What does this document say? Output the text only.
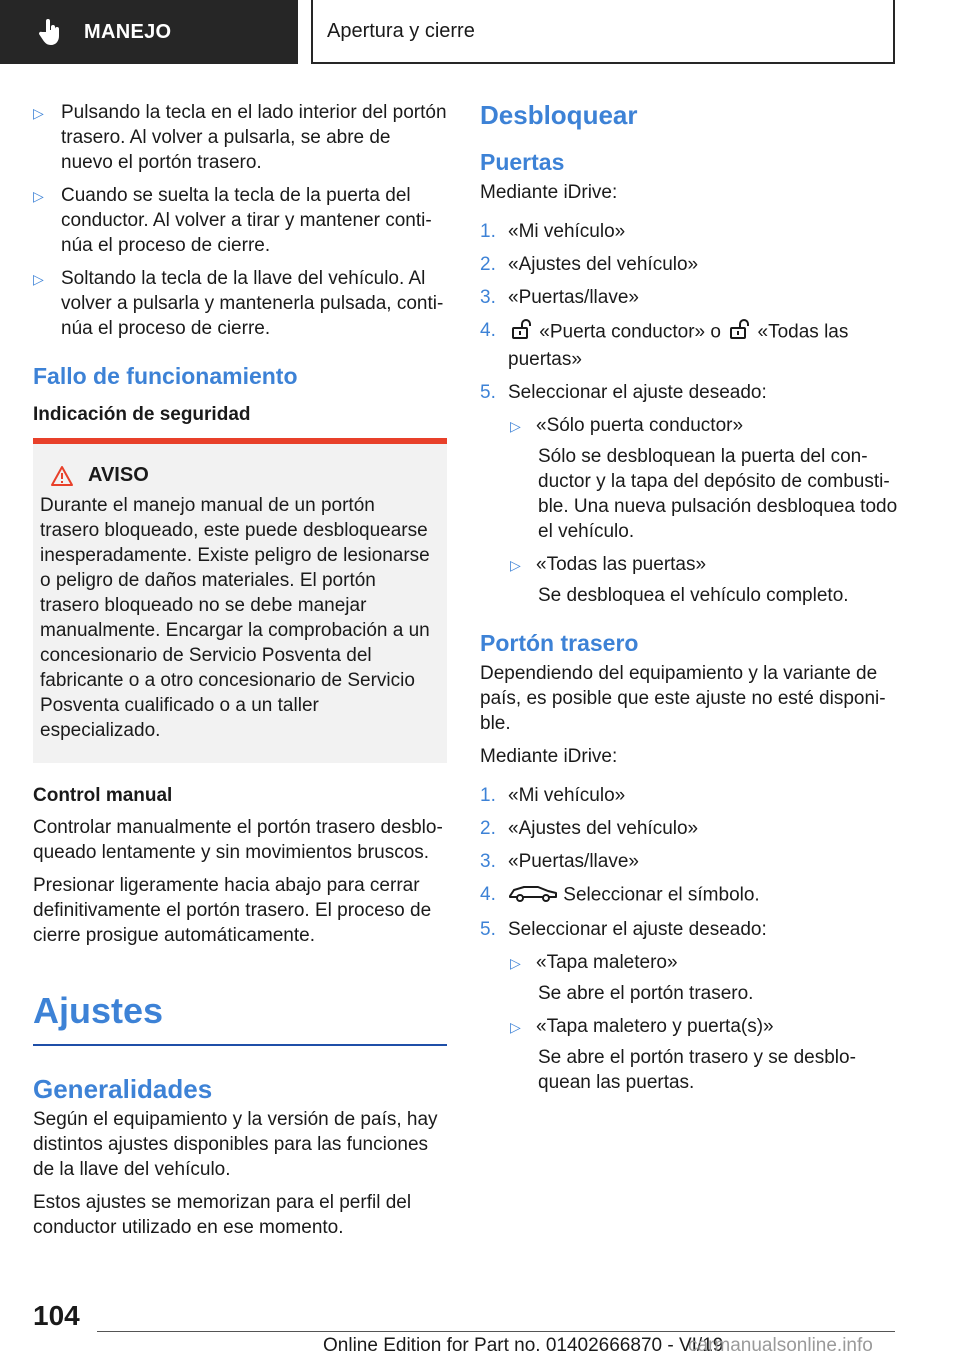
MANEJO	Apertura y cierre
▷ Pulsando la tecla en el lado interior del portón trasero. Al volver a pulsarla, se abre de nuevo el portón trasero.
▷ Cuando se suelta la tecla de la puerta del conductor. Al volver a tirar y mantener continúa el proceso de cierre.
▷ Soltando la tecla de la llave del vehículo. Al volver a pulsarla y mantenerla pulsada, continúa el proceso de cierre.
Fallo de funcionamiento
Indicación de seguridad
AVISO

Durante el manejo manual de un portón trasero bloqueado, este puede desbloquearse inesperadamente. Existe peligro de lesionarse o peligro de daños materiales. El portón trasero bloqueado no se debe manejar manualmente. Encargar la comprobación a un concesionario de Servicio Posventa del fabricante o a otro concesionario de Servicio Posventa cualificado o a un taller especializado.

Control manual

Controlar manualmente el portón trasero desbloqueado lentamente y sin movimientos bruscos.

Presionar ligeramente hacia abajo para cerrar definitivamente el portón trasero. El proceso de cierre prosigue automáticamente.

Ajustes
Generalidades

Según el equipamiento y la versión de país, hay distintos ajustes disponibles para las funciones de la llave del vehículo.

Estos ajustes se memorizan para el perfil del conductor utilizado en ese momento.

Desbloquear
Puertas

Mediante iDrive:

1. «Mi vehículo»
2. «Ajustes del vehículo»
3. «Puertas/llave»
4. «Puerta conductor» o «Todas las puertas»
5. Seleccionar el ajuste deseado:
▷ «Sólo puerta conductor»
Sólo se desbloquean la puerta del conductor y la tapa del depósito de combustible. Una nueva pulsación desbloquea todo el vehículo.
▷ «Todas las puertas»
Se desbloquea el vehículo completo.
Portón trasero

Dependiendo del equipamiento y la variante de país, es posible que este ajuste no esté disponible.

Mediante iDrive:

1. «Mi vehículo»
2. «Ajustes del vehículo»
3. «Puertas/llave»
4.	Seleccionar el símbolo.
5. Seleccionar el ajuste deseado:
▷ «Tapa maletero»
Se abre el portón trasero.
▷ «Tapa maletero y puerta(s)»
Se abre el portón trasero y se desbloquean las puertas.
104
Online Edition for Part no. 01402666870 - VI/19
carmanualsonline.info
